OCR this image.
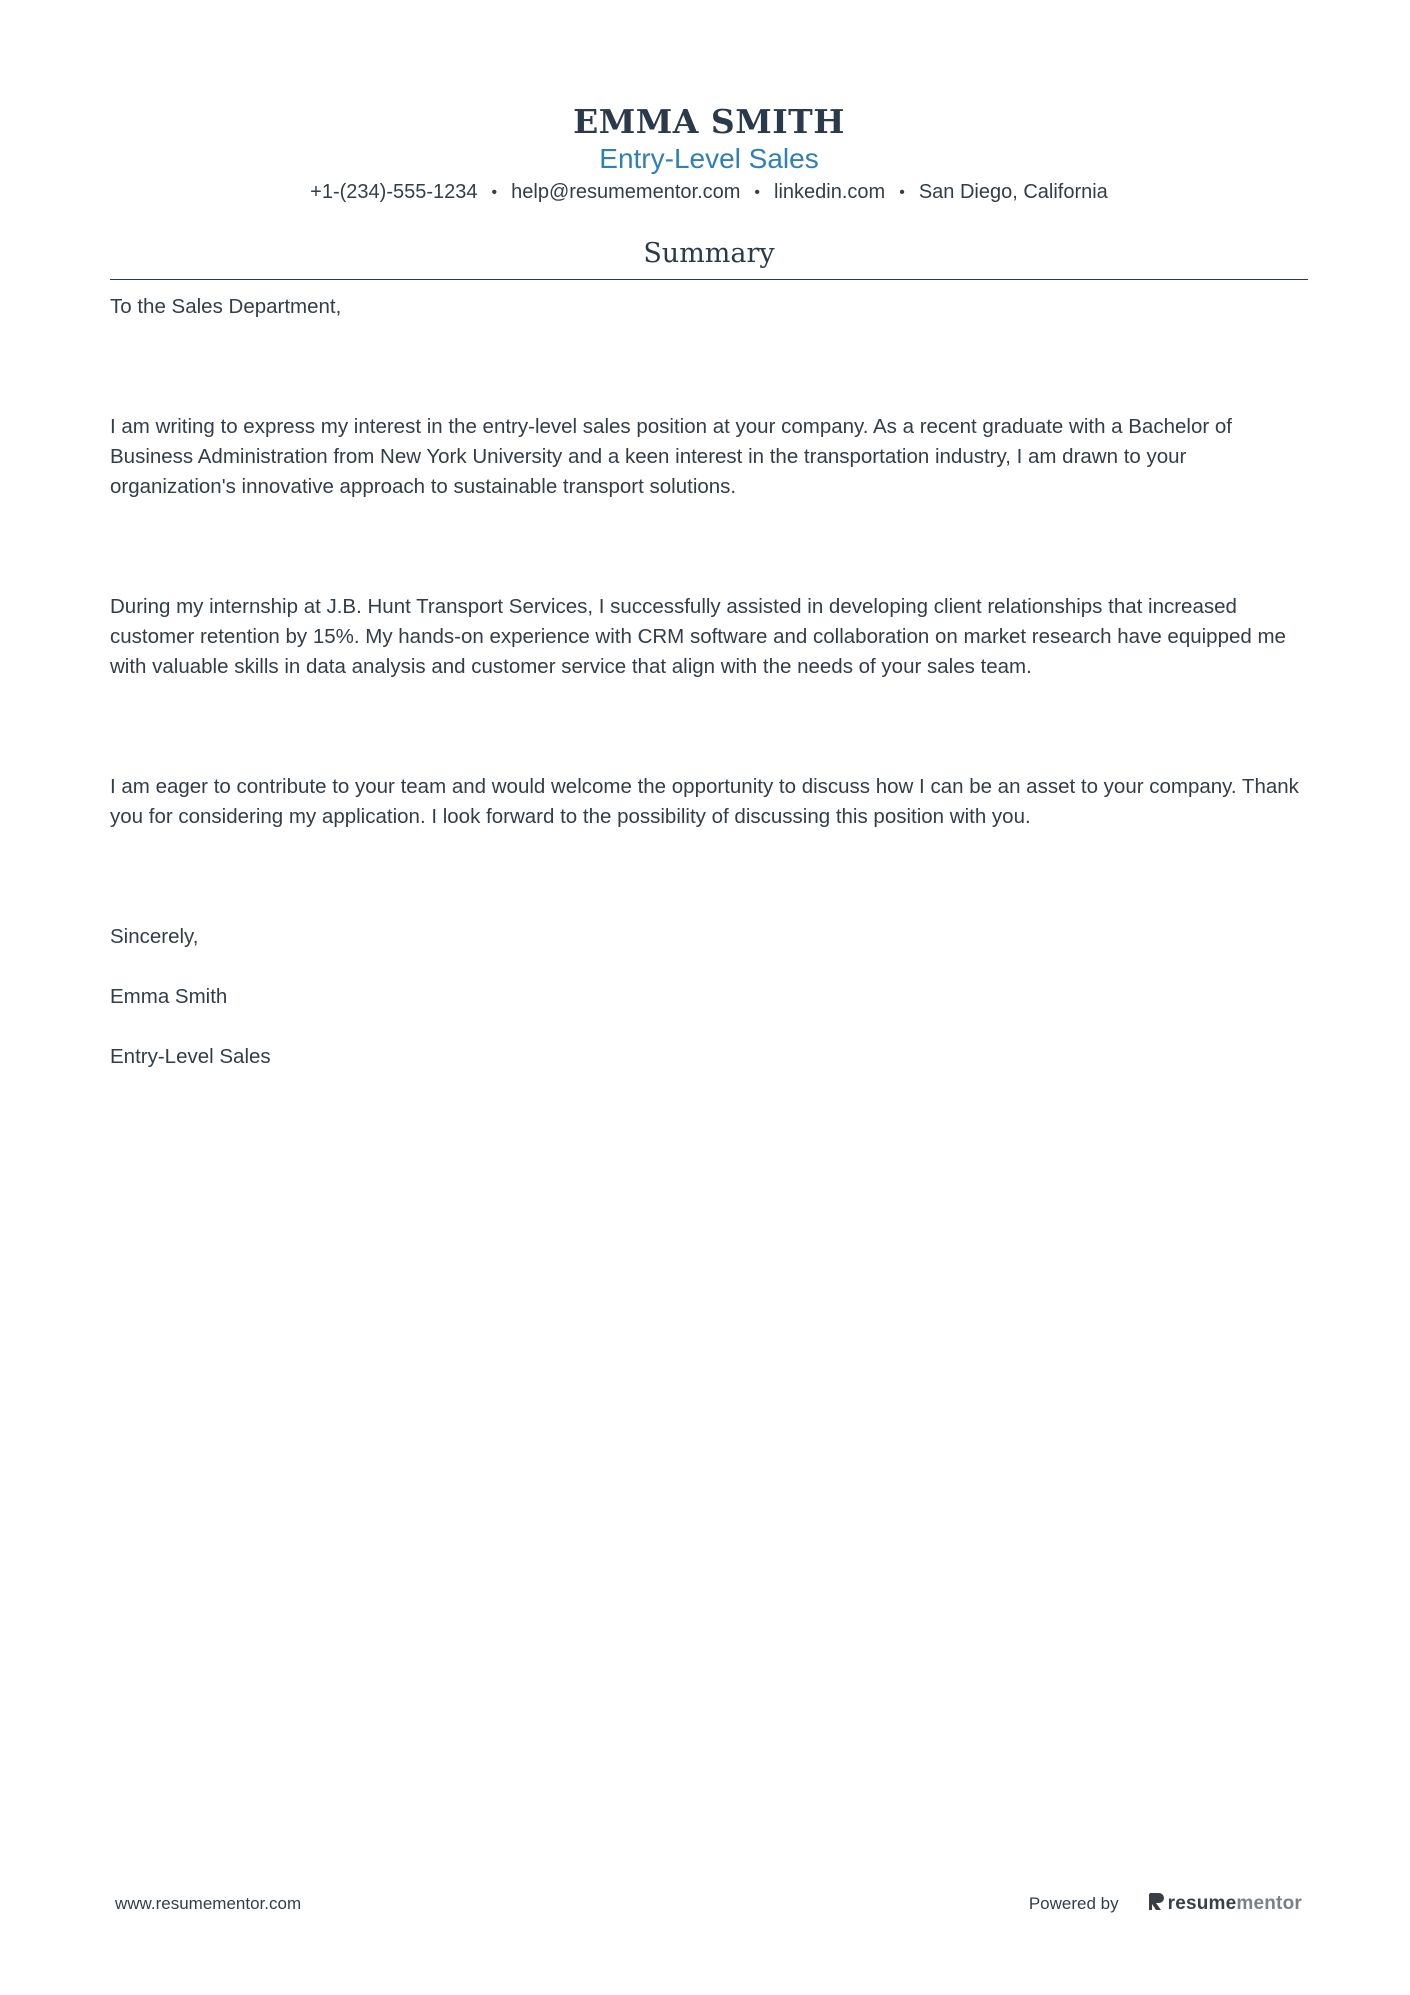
EMMA SMITH
Entry-Level Sales
+1-(234)-555-1234 • help@resumementor.com • linkedin.com • San Diego, California
Summary
To the Sales Department,
I am writing to express my interest in the entry-level sales position at your company. As a recent graduate with a Bachelor of Business Administration from New York University and a keen interest in the transportation industry, I am drawn to your organization's innovative approach to sustainable transport solutions.
During my internship at J.B. Hunt Transport Services, I successfully assisted in developing client relationships that increased customer retention by 15%. My hands-on experience with CRM software and collaboration on market research have equipped me with valuable skills in data analysis and customer service that align with the needs of your sales team.
I am eager to contribute to your team and would welcome the opportunity to discuss how I can be an asset to your company. Thank you for considering my application. I look forward to the possibility of discussing this position with you.
Sincerely,
Emma Smith
Entry-Level Sales
www.resumementor.com	Powered by	resume mentor
